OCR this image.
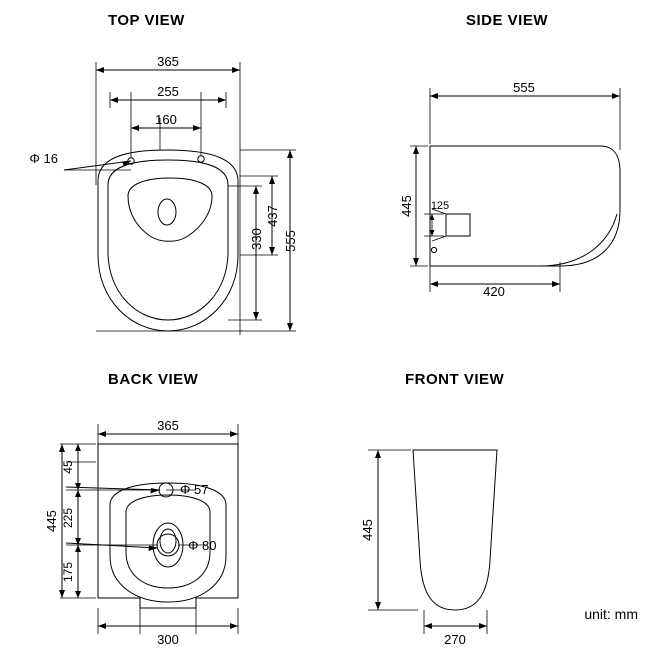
TOP VIEW	SIDE VIEW
BACK VIEW	FRONT VIEW
365
255
160
Φ 16
555
437
330
555
445 125
420
365
445
45
225
175
Φ 57
Φ 80
300
445
270
unit: mm
